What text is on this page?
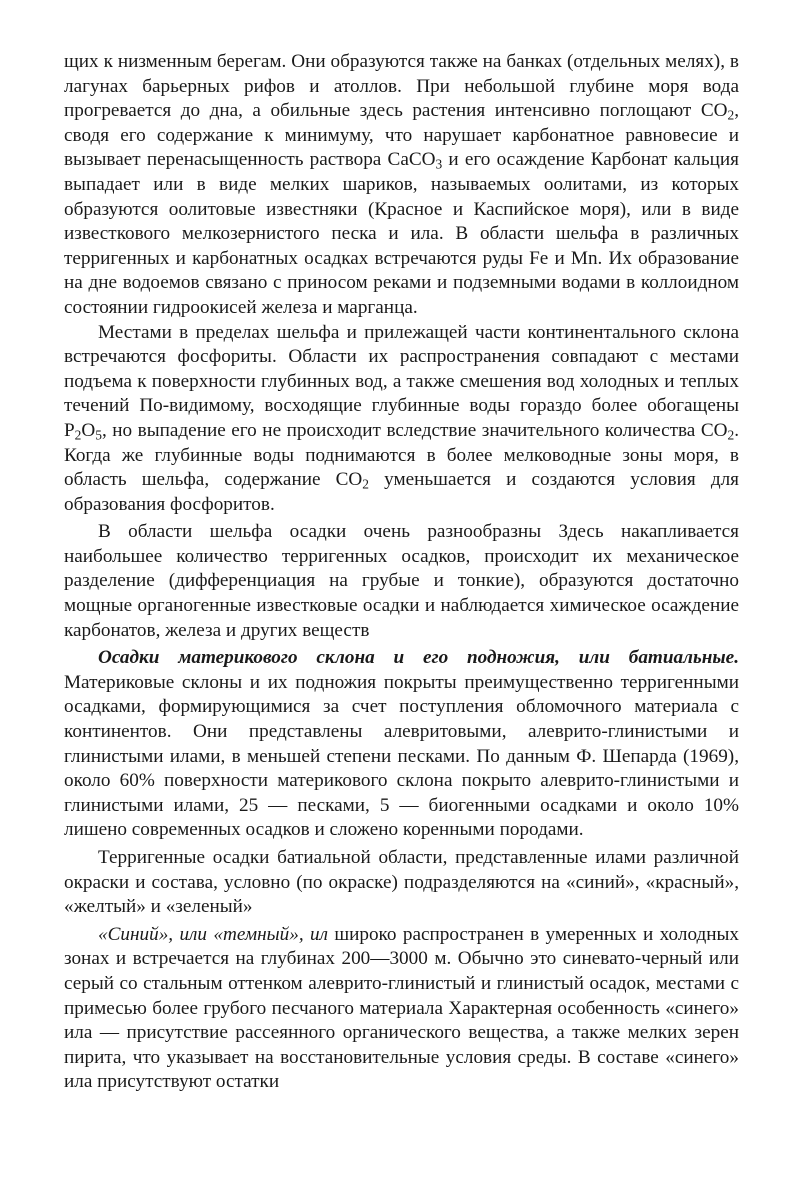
щих к низменным берегам. Они образуются также на банках (отдельных мелях), в лагунах барьерных рифов и атоллов. При небольшой глубине моря вода прогревается до дна, а обильные здесь растения интенсивно поглощают $CO_2$, сводя его содержание к минимуму, что нарушает карбонатное равновесие и вызывает перенасыщенность раствора CaCO$_3$ и его осаждение Карбонат кальция выпадает или в виде мелких шариков, называемых оолитами, из которых образуются оолитовые известняки (Красное и Каспийское моря), или в виде известкового мелкозернистого песка и ила. В области шельфа в различных терригенных и карбонатных осадках встречаются руды Fe и Mn. Их образование на дне водоемов связано с приносом реками и подземными водами в коллоидном состоянии гидроокисей железа и марганца.

Местами в пределах шельфа и прилежащей части континентального склона встречаются фосфориты. Области их распространения совпадают с местами подъема к поверхности глубинных вод, а также смешения вод холодных и теплых течений По-видимому, восходящие глубинные воды гораздо более обогащены $P_2O_5$, но выпадение его не происходит вследствие значительного количества $CO_2$. Когда же глубинные воды поднимаются в более мелководные зоны моря, в область шельфа, содержание $CO_2$ уменьшается и создаются условия для образования фосфоритов.

В области шельфа осадки очень разнообразны Здесь накапливается наибольшее количество терригенных осадков, происходит их механическое разделение (дифференциация на грубые и тонкие), образуются достаточно мощные органогенные известковые осадки и наблюдается химическое осаждение карбонатов, железа и других веществ

Осадки материкового склона и его подножия, или батиальные. Материковые склоны и их подножия покрыты преимущественно терригенными осадками, формирующимися за счет поступления обломочного материала с континентов. Они представлены алевритовыми, алеврито-глинистыми и глинистыми илами, в меньшей степени песками. По данным Ф. Шепарда (1969), около 60% поверхности материкового склона покрыто алеврито-глинистыми и глинистыми илами, 25 — песками, 5 — биогенными осадками и около 10% лишено современных осадков и сложено коренными породами.

Терригенные осадки батиальной области, представленные илами различной окраски и состава, условно (по окраске) подразделяются на «синий», «красный», «желтый» и «зеленый»

«Синий», или «темный», ил широко распространен в умеренных и холодных зонах и встречается на глубинах 200—3000 м. Обычно это синевато-черный или серый со стальным оттенком алеврито-глинистый и глинистый осадок, местами с примесью более грубого песчаного материала Характерная особенность «синего» ила — присутствие рассеянного органического вещества, а также мелких зерен пирита, что указывает на восстановительные условия среды. В составе «синего» ила присутствуют остатки
